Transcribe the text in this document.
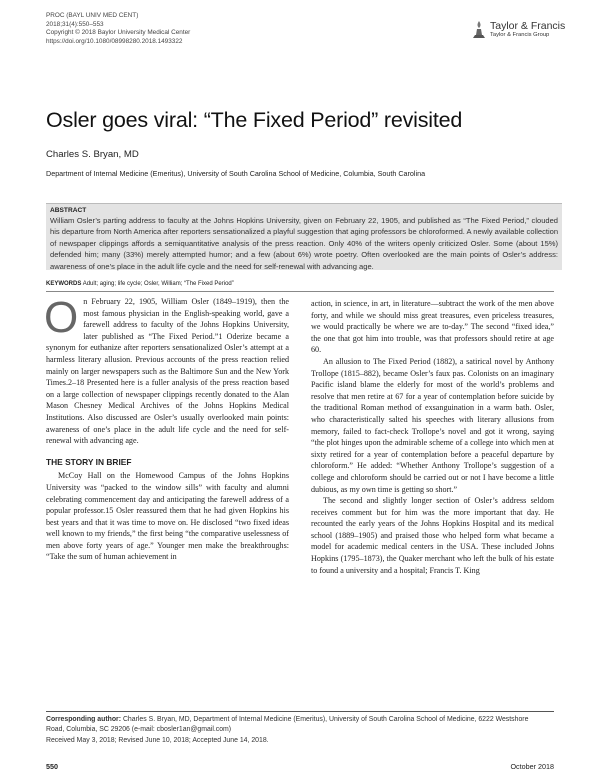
PROC (BAYL UNIV MED CENT)
2018;31(4):550–553
Copyright © 2018 Baylor University Medical Center
https://doi.org/10.1080/08998280.2018.1493322
Taylor & Francis
Taylor & Francis Group
Osler goes viral: “The Fixed Period” revisited
Charles S. Bryan, MD
Department of Internal Medicine (Emeritus), University of South Carolina School of Medicine, Columbia, South Carolina
ABSTRACT
William Osler’s parting address to faculty at the Johns Hopkins University, given on February 22, 1905, and published as “The Fixed Period,” clouded his departure from North America after reporters sensationalized a playful suggestion that aging professors be chloroformed. A newly available collection of newspaper clippings affords a semiquantitative analysis of the press reaction. Only 40% of the writers openly criticized Osler. Some (about 15%) defended him; many (33%) merely attempted humor; and a few (about 6%) wrote poetry. Often overlooked are the main points of Osler’s address: awareness of one’s place in the adult life cycle and the need for self-renewal with advancing age.
KEYWORDS Adult; aging; life cycle; Osler, William; “The Fixed Period”

On February 22, 1905, William Osler (1849–1919), then the most famous physician in the English-speaking world, gave a farewell address to faculty of the Johns Hopkins University, later published as “The Fixed Period.”1 Oderize became a synonym for euthanize after reporters sensationalized Osler’s attempt at a harmless literary allusion. Previous accounts of the press reaction relied mainly on larger newspapers such as the Baltimore Sun and the New York Times.2–18 Presented here is a fuller analysis of the press reaction based on a large collection of newspaper clippings recently donated to the Alan Mason Chesney Medical Archives of the Johns Hopkins Medical Institutions. Also discussed are Osler’s usually overlooked main points: awareness of one’s place in the adult life cycle and the need for self-renewal with advancing age.

THE STORY IN BRIEF

McCoy Hall on the Homewood Campus of the Johns Hopkins University was “packed to the window sills” with faculty and alumni celebrating commencement day and anticipating the farewell address of a popular professor.15 Osler reassured them that he had given Hopkins his best years and that it was time to move on. He disclosed “two fixed ideas well known to my friends,” the first being “the comparative uselessness of men above forty years of age.” Younger men make the breakthroughs: “Take the sum of human achievement in

action, in science, in art, in literature—subtract the work of the men above forty, and while we should miss great treasures, even priceless treasures, we would practically be where we are to-day.” The second “fixed idea,” the one that got him into trouble, was that professors should retire at age 60.

An allusion to The Fixed Period (1882), a satirical novel by Anthony Trollope (1815–882), became Osler’s faux pas. Colonists on an imaginary Pacific island blame the elderly for most of the world’s problems and resolve that men retire at 67 for a year of contemplation before suicide by the traditional Roman method of exsanguination in a warm bath. Osler, who characteristically salted his speeches with literary allusions from memory, failed to fact-check Trollope’s novel and got it wrong, saying “the plot hinges upon the admirable scheme of a college into which men at sixty retired for a year of contemplation before a peaceful departure by chloroform.” He added: “Whether Anthony Trollope’s suggestion of a college and chloroform should be carried out or not I have become a little dubious, as my own time is getting so short.”

The second and slightly longer section of Osler’s address seldom receives comment but for him was the more important that day. He recounted the early years of the Johns Hopkins Hospital and its medical school (1889–1905) and praised those who helped form what became a model for academic medical centers in the USA. These included Johns Hopkins (1795–1873), the Quaker merchant who left the bulk of his estate to found a university and a hospital; Francis T. King

Corresponding author: Charles S. Bryan, MD, Department of Internal Medicine (Emeritus), University of South Carolina School of Medicine, 6222 Westshore
Road, Columbia, SC 29206 (e-mail: cbosler1an@gmail.com)
Received May 3, 2018; Revised June 10, 2018; Accepted June 14, 2018.
550	October 2018
